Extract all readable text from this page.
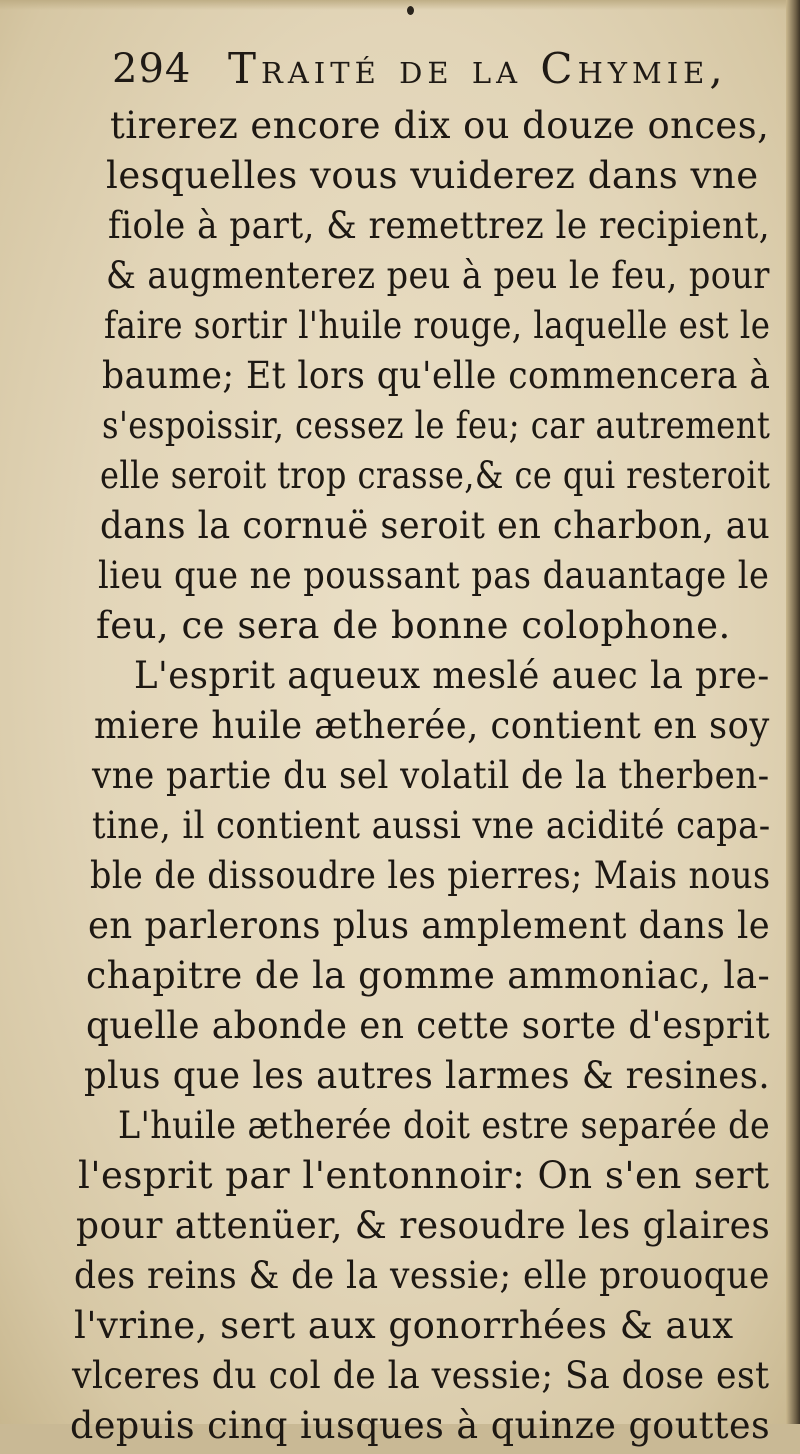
294 Traité de la Chymie,
tirerez encore dix ou douze onces,
lesquelles vous vuiderez dans vne
fiole à part, & remettrez le recipient,
& augmenterez peu à peu le feu, pour
faire sortir l'huile rouge, laquelle est le
baume; Et lors qu'elle commencera à
s'espoissir, cessez le feu; car autrement
elle seroit trop crasse,& ce qui resteroit
dans la cornuë seroit en charbon, au
lieu que ne poussant pas dauantage le
feu, ce sera de bonne colophone.
L'esprit aqueux meslé auec la pre-
miere huile ætherée, contient en soy
vne partie du sel volatil de la therben-
tine, il contient aussi vne acidité capa-
ble de dissoudre les pierres; Mais nous
en parlerons plus amplement dans le
chapitre de la gomme ammoniac, la-
quelle abonde en cette sorte d'esprit
plus que les autres larmes & resines.
L'huile ætherée doit estre separée de
l'esprit par l'entonnoir: On s'en sert
pour attenüer, & resoudre les glaires
des reins & de la vessie; elle prouoque
l'vrine, sert aux gonorrhées & aux
vlceres du col de la vessie; Sa dose est
depuis cinq iusques à quinze gouttes
